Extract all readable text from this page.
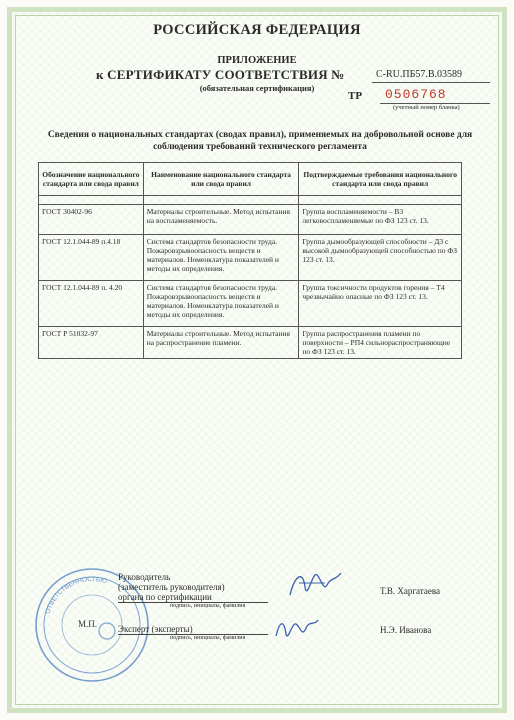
РОССИЙСКАЯ ФЕДЕРАЦИЯ
ПРИЛОЖЕНИЕ
к СЕРТИФИКАТУ СООТВЕТСТВИЯ №	С-RU.ПБ57.В.03589
(обязательная сертификация)
ТР 0506768
(учетный номер бланка)
Сведения о национальных стандартах (сводах правил), применяемых на добровольной основе для соблюдения требований технического регламента
Обозначение национального стандарта или свода правил	Наименование национального стандарта или свода правил	Подтверждаемые требования национального стандарта или свода правил

ГОСТ 30402-96	Материалы строительные. Метод испытания на воспламеняемость.	Группа воспламеняемости – В3 легковоспламеняемые по ФЗ 123 ст. 13.
ГОСТ 12.1.044-89 п.4.18	Система стандартов безопасности труда. Пожаровзрывоопасность веществ и материалов. Номенклатура показателей и методы их определения.	Группа дымообразующей способности – Д3 с высокой дымообразующей способностью по ФЗ 123 ст. 13.
ГОСТ 12.1.044-89 п. 4.20	Система стандартов безопасности труда. Пожаровзрывоопасность веществ и материалов. Номенклатура показателей и методы их определения.	Группа токсичности продуктов горения – Т4 чрезвычайно опасные по ФЗ 123 ст. 13.
ГОСТ Р 51032-97	Материалы строительные. Метод испытания на распространение пламени.	Группа распространения пламени по поверхности – РП4 сильнораспространяющие по ФЗ 123 ст. 13.
ОТВЕТСТВЕННОСТЬЮ
М.П.
Руководитель
(заместитель руководителя)
органа по сертификации
подпись, инициалы, фамилия
Т.В. Харгатаева
Эксперт (эксперты)
подпись, инициалы, фамилия
Н.Э. Иванова
